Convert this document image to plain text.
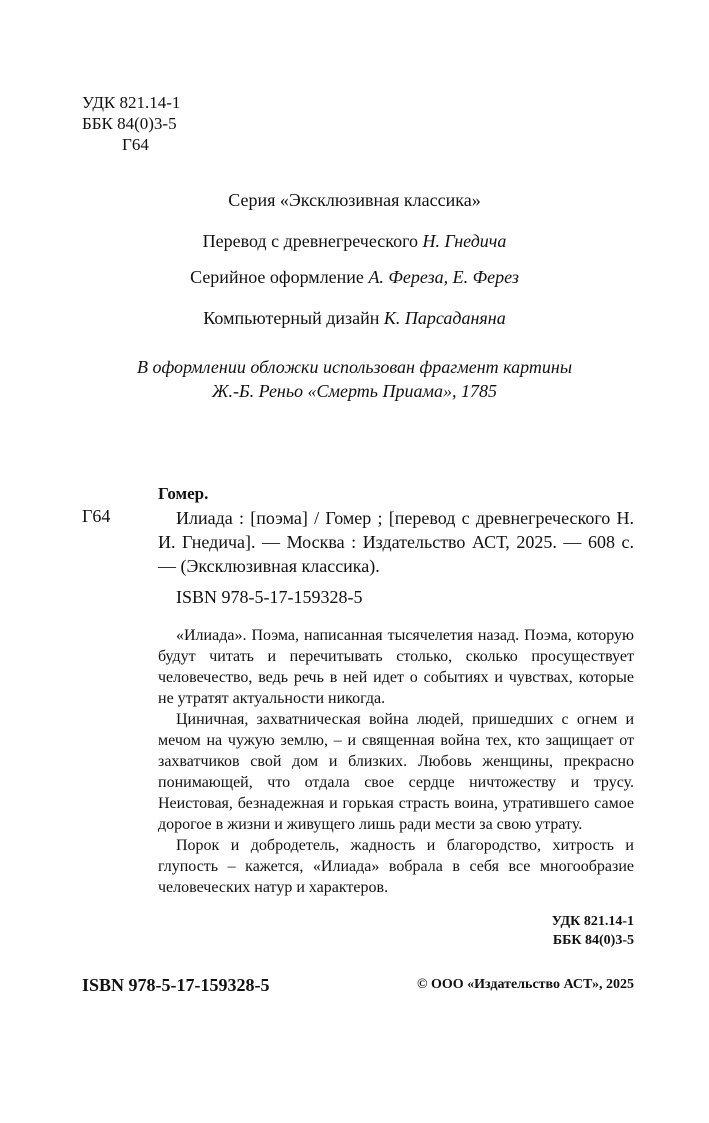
УДК 821.14-1
ББК 84(0)3-5
Г64
Серия «Эксклюзивная классика»
Перевод с древнегреческого Н. Гнедича
Серийное оформление А. Фереза, Е. Ферез
Компьютерный дизайн К. Парсаданяна
В оформлении обложки использован фрагмент картины
Ж.-Б. Реньо «Смерть Приама», 1785
Гомер.
Г64	Илиада : [поэма] / Гомер ; [перевод с древнегреческого Н. И. Гнедича]. — Москва : Издательство АСТ, 2025. — 608 с. — (Эксклюзивная классика).
ISBN 978-5-17-159328-5

«Илиада». Поэма, написанная тысячелетия назад. Поэма, которую будут читать и перечитывать столько, сколько просуществует человечество, ведь речь в ней идет о событиях и чувствах, которые не утратят актуальности никогда.

Циничная, захватническая война людей, пришедших с огнем и мечом на чужую землю, – и священная война тех, кто защищает от захватчиков свой дом и близких. Любовь женщины, прекрасно понимающей, что отдала свое сердце ничтожеству и трусу. Неистовая, безнадежная и горькая страсть воина, утратившего самое дорогое в жизни и живущего лишь ради мести за свою утрату.

Порок и добродетель, жадность и благородство, хитрость и глупость – кажется, «Илиада» вобрала в себя все многообразие человеческих натур и характеров.

УДК 821.14-1
ББК 84(0)3-5
ISBN 978-5-17-159328-5	© ООО «Издательство АСТ», 2025
